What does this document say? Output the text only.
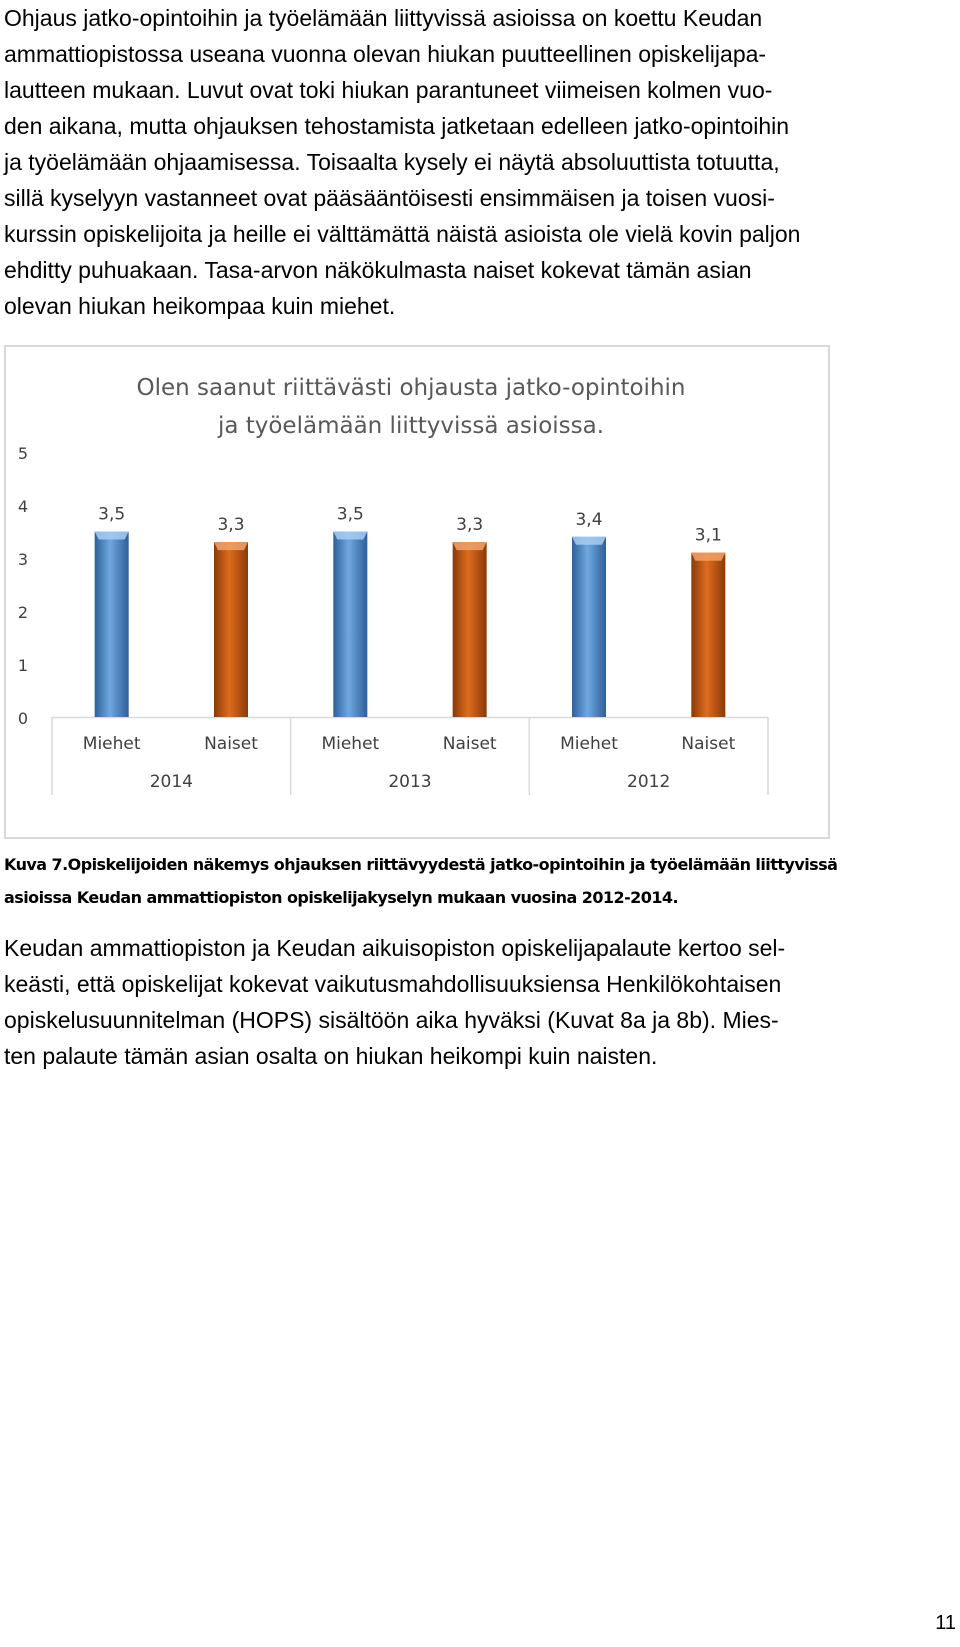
Ohjaus jatko-opintoihin ja työelämään liittyvissä asioissa on koettu Keudan
ammattiopistossa useana vuonna olevan hiukan puutteellinen opiskelijapa-
lautteen mukaan. Luvut ovat toki hiukan parantuneet viimeisen kolmen vuo-
den aikana, mutta ohjauksen tehostamista jatketaan edelleen jatko-opintoihin
ja työelämään ohjaamisessa. Toisaalta kysely ei näytä absoluuttista totuutta,
sillä kyselyyn vastanneet ovat pääsääntöisesti ensimmäisen ja toisen vuosi-
kurssin opiskelijoita ja heille ei välttämättä näistä asioista ole vielä kovin paljon
ehditty puhuakaan. Tasa-arvon näkökulmasta naiset kokevat tämän asian
olevan hiukan heikompaa kuin miehet.

Olen saanut riittävästi ohjausta jatko-opintoihin
ja työelämään liittyvissä asioissa.
0
1
2
3
4
5
3,5
Miehet
3,3
Naiset
3,5
Miehet
3,3
Naiset
3,4
Miehet
3,1
Naiset
2014	2013	2012
Kuva 7.Opiskelijoiden näkemys ohjauksen riittävyydestä jatko-opintoihin ja työelämään liittyvissä
asioissa Keudan ammattiopiston opiskelijakyselyn mukaan vuosina 2012-2014.

Keudan ammattiopiston ja Keudan aikuisopiston opiskelijapalaute kertoo sel-
keästi, että opiskelijat kokevat vaikutusmahdollisuuksiensa Henkilökohtaisen
opiskelusuunnitelman (HOPS) sisältöön aika hyväksi (Kuvat 8a ja 8b). Mies-
ten palaute tämän asian osalta on hiukan heikompi kuin naisten.

11
